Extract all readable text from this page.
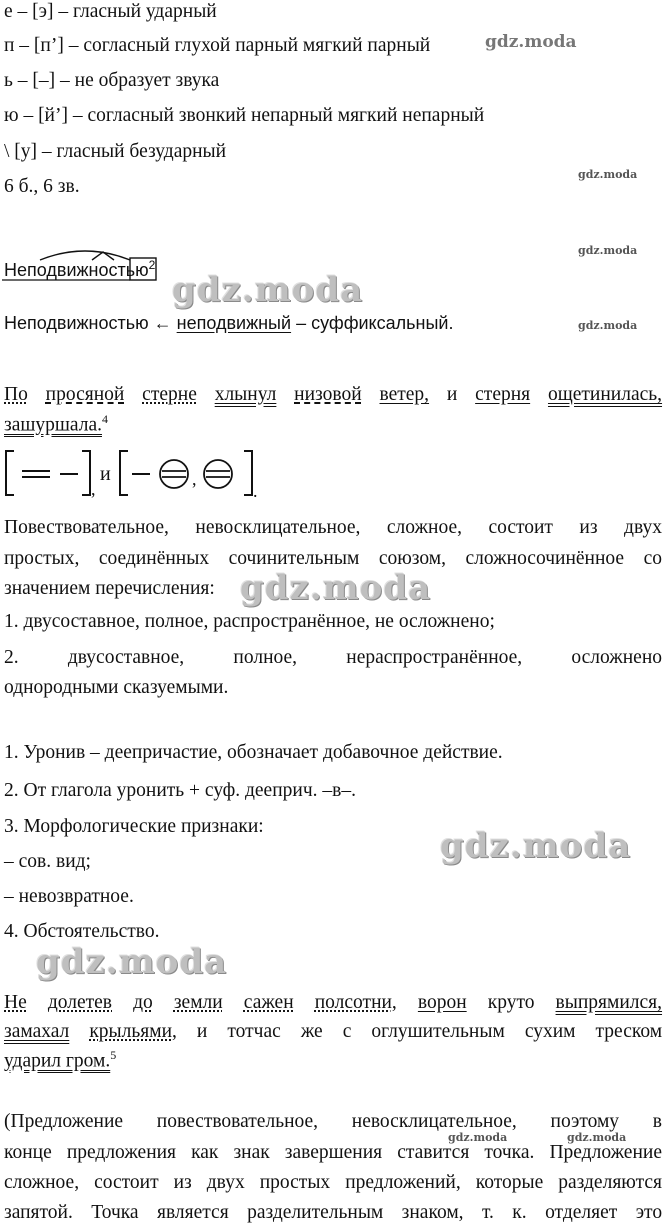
е – [э] – гласный ударный
п – [п’] – согласный глухой парный мягкий парный
ь – [–] – не образует звука
ю – [й’] – согласный звонкий непарный мягкий непарный
\ [у] – гласный безударный
6 б., 6 зв.
Неподвижностью$^2$
Неподвижностью ← неподвижный – суффиксальный.
По просяной стерне хлынул низовой ветер, и стерня ощетинилась,
зашуршала.$^4$
,
и	,
.
Повествовательное, невосклицательное, сложное, состоит из двух
простых, соединённых сочинительным союзом, сложносочинённое со
значением перечисления:
1. двусоставное, полное, распространённое, не осложнено;
2. двусоставное,	полное,	нераспространённое,	осложнено
однородными сказуемыми.
1. Уронив – деепричастие, обозначает добавочное действие.
2. От глагола уронить + суф. дееприч. –в–.
3. Морфологические признаки:
– сов. вид;
– невозвратное.
4. Обстоятельство.
Не долетев до земли сажен полсотни, ворон круто выпрямился,
замахал крыльями, и тотчас же с оглушительным сухим треском
ударил гром.$^5$
(Предложение повествовательное, невосклицательное, поэтому в
конце предложения как знак завершения ставится точка. Предложение
сложное, состоит из двух простых предложений, которые разделяются
запятой. Точка является разделительным знаком, т. к. отделяет это
gdz.moda
gdz.moda
gdz.moda
gdz.moda
gdz.moda
gdz.moda
gdz.moda
gdz.moda
gdz.moda	gdz.moda
